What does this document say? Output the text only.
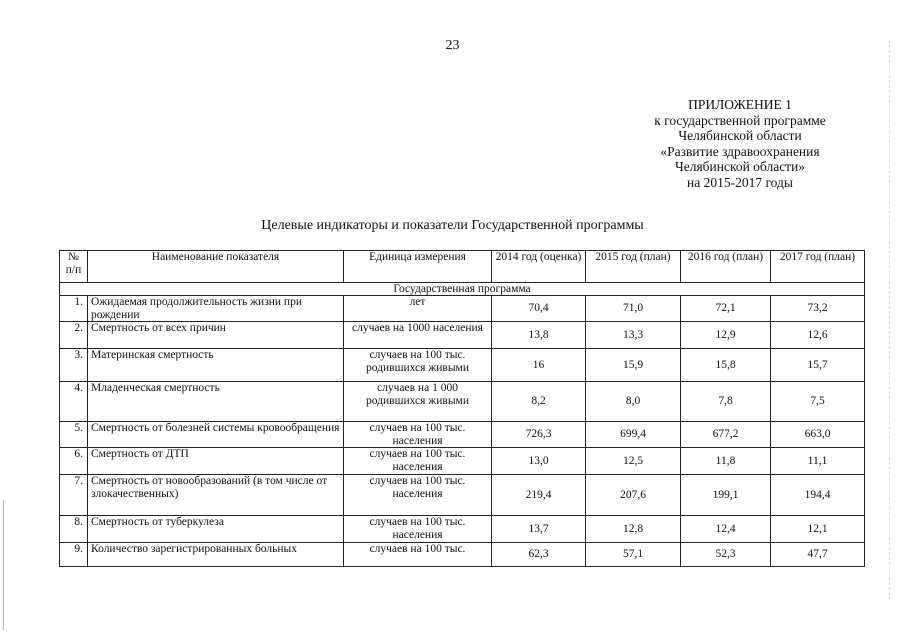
23
ПРИЛОЖЕНИЕ 1
к государственной программе
Челябинской области
«Развитие здравоохранения
Челябинской области»
на 2015-2017 годы
Целевые индикаторы и показатели Государственной программы
№ п/п	Наименование показателя	Единица измерения	2014 год (оценка)	2015 год (план)	2016 год (план)	2017 год (план)
Государственная программа						
1.	Ожидаемая продолжительность жизни при рождении	лет	70,4	71,0	72,1	73,2
2.	Смертность от всех причин	случаев на 1000 населения	13,8	13,3	12,9	12,6
3.	Материнская смертность	случаев на 100 тыс. родившихся живыми	16	15,9	15,8	15,7
4.	Младенческая смертность	случаев на 1 000 родившихся живыми	8,2	8,0	7,8	7,5
5.	Смертность от болезней системы кровообращения	случаев на 100 тыс. населения	726,3	699,4	677,2	663,0
6.	Смертность от ДТП	случаев на 100 тыс. населения	13,0	12,5	11,8	11,1
7.	Смертность от новообразований (в том числе от злокачественных)	случаев на 100 тыс. населения	219,4	207,6	199,1	194,4
8.	Смертность от туберкулеза	случаев на 100 тыс. населения	13,7	12,8	12,4	12,1
9.	Количество зарегистрированных больных	случаев на 100 тыс.	62,3	57,1	52,3	47,7
